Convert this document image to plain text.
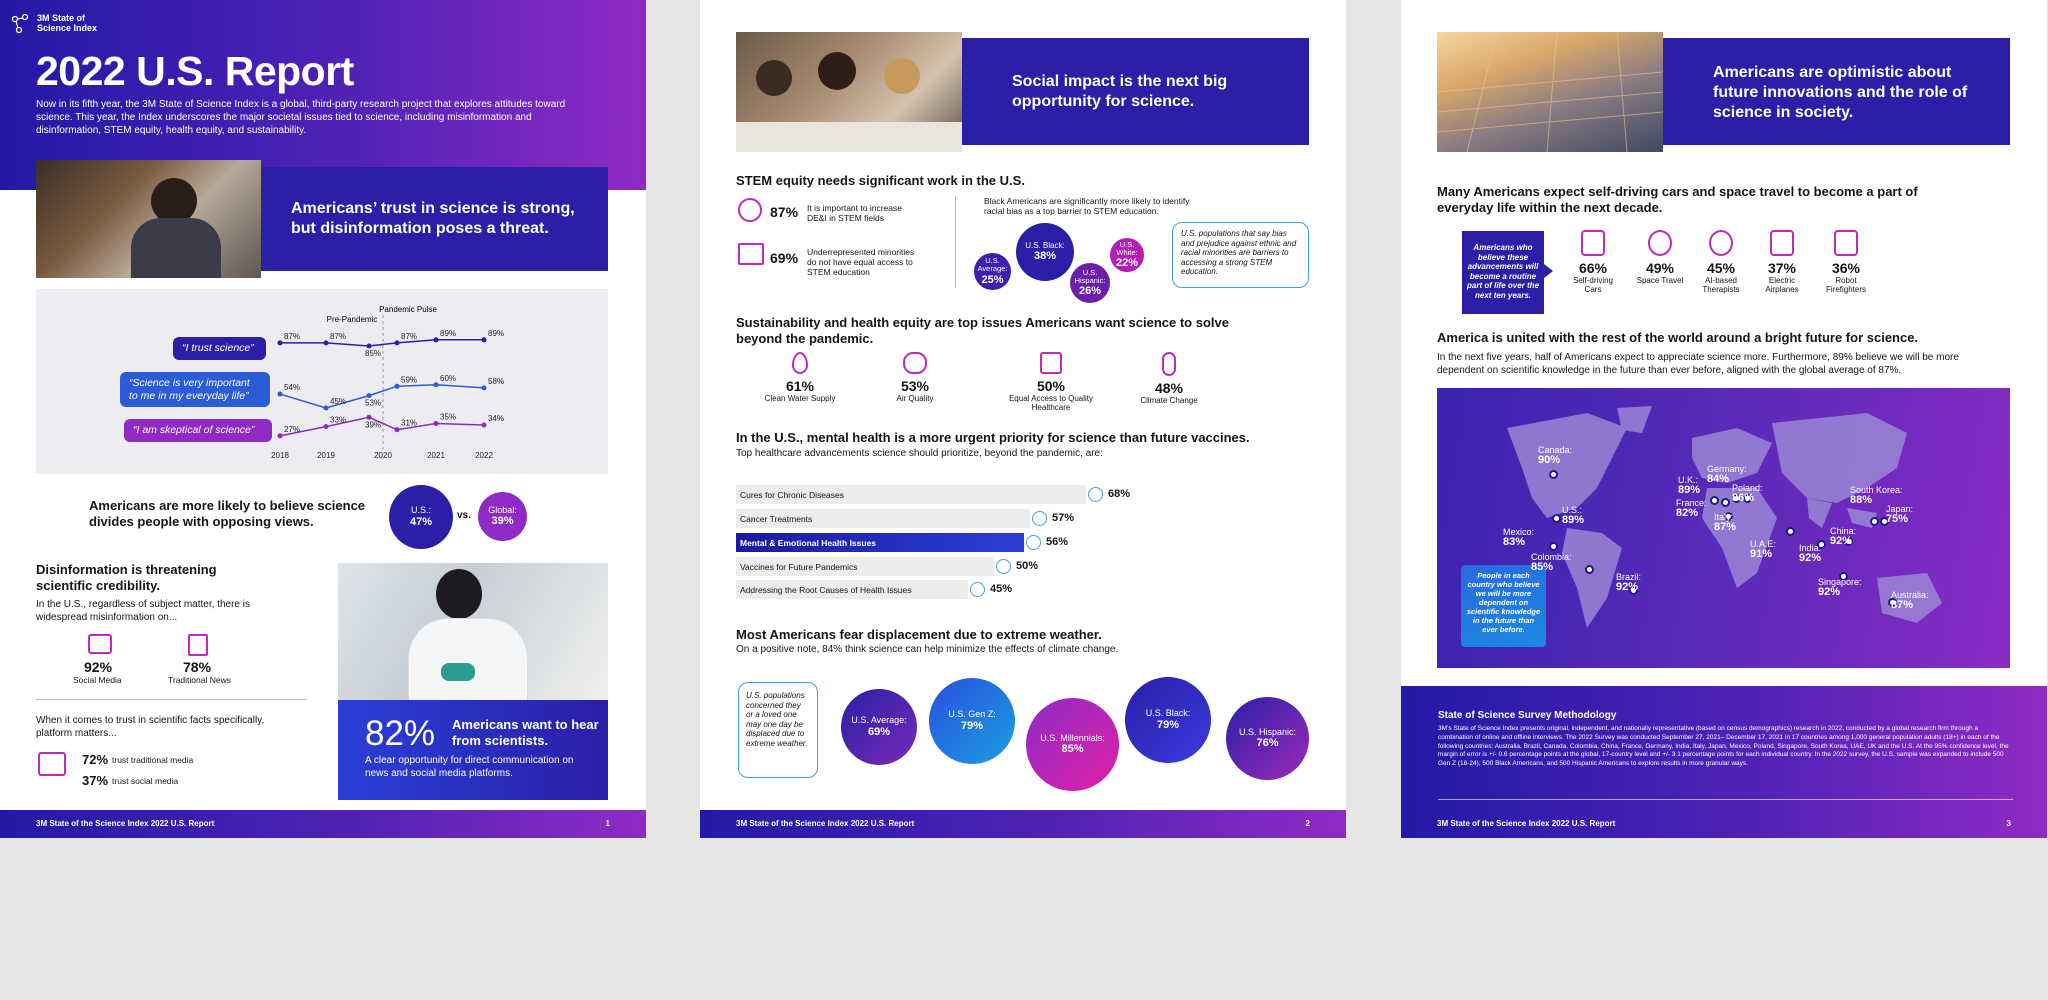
3M State of Science Index
2022 U.S. Report
Now in its fifth year, the 3M State of Science Index is a global, third-party research project that explores attitudes toward science. This year, the Index underscores the major societal issues tied to science, including misinformation and disinformation, STEM equity, health equity, and sustainability.
Americans’ trust in science is strong, but disinformation poses a threat.
2018	2019	2020	2021	2022
Pre-Pandemic
Pandemic Pulse
87%	87%
85%
87%	89%	89%
54%
45% 53%
59%	60%	58%
27%
33%
39% 31%
35%	34%
Americans are more likely to believe science divides people with opposing views.
U.S.:
47%
vs.
Global:
39%
Disinformation is threatening scientific credibility.
In the U.S., regardless of subject matter, there is widespread misinformation on...
92%
Social Media
78%
Traditional News
When it comes to trust in scientific facts specifically, platform matters...
72% trust traditional media
37% trust social media
82% Americans want to hear from scientists.
A clear opportunity for direct communication on news and social media platforms.
3M State of the Science Index 2022 U.S. Report	1
“I trust science”
“Science is very important to me in my everyday life”
“I am skeptical of science”
Social impact is the next big opportunity for science.
STEM equity needs significant work in the U.S.
87% It is important to increase DE&I in STEM fields
69% Underrepresented minorities do not have equal access to STEM education
Black Americans are significantly more likely to identify racial bias as a top barrier to STEM education.
U.S. Average:
25%
U.S. Black:
38%
U.S. Hispanic:
26%
U.S. White:
22%
U.S. populations that say bias and prejudice against ethnic and racial minorities are barriers to accessing a strong STEM education.
Sustainability and health equity are top issues Americans want science to solve beyond the pandemic.
61%
Clean Water Supply
53%
Air Quality
50%
Equal Access to Quality Healthcare
48%
Climate Change
In the U.S., mental health is a more urgent priority for science than future vaccines.
Top healthcare advancements science should prioritize, beyond the pandemic, are:
Most Americans fear displacement due to extreme weather.
On a positive note, 84% think science can help minimize the effects of climate change.
U.S. populations concerned they or a loved one may one day be displaced due to extreme weather.
U.S. Average:
69%
U.S. Gen Z:
79%
U.S. Millennials:
85%
U.S. Black:
79%
U.S. Hispanic:
76%
3M State of the Science Index 2022 U.S. Report	2
Cures for Chronic Diseases	68%
Cancer Treatments	57%
Mental & Emotional Health Issues	56%
Vaccines for Future Pandemics	50%
Addressing the Root Causes of Health Issues	45%
Americans are optimistic about future innovations and the role of science in society.
Many Americans expect self-driving cars and space travel to become a part of everyday life within the next decade.
Americans who believe these advancements will become a routine part of life over the next ten years.
America is united with the rest of the world around a bright future for science.
In the next five years, half of Americans expect to appreciate science more. Furthermore, 89% believe we will be more dependent on scientific knowledge in the future than ever before, aligned with the global average of 87%.
People in each country who believe we will be more dependent on scientific knowledge in the future than ever before.
State of Science Survey Methodology
3M’s State of Science Index presents original, independent, and nationally representative (based on census demographics) research in 2022, conducted by a global research firm through a combination of online and offline interviews. The 2022 Survey was conducted September 27, 2021– December 17, 2021 in 17 countries among 1,000 general population adults (18+) in each of the following countries: Australia, Brazil, Canada, Colombia, China, France, Germany, India, Italy, Japan, Mexico, Poland, Singapore, South Korea, UAE, UK and the U.S. At the 95% confidence level, the margin of error is +/- 0.6 percentage points at the global, 17-country level and +/- 3.1 percentage points for each individual country. In the 2022 survey, the U.S. sample was expanded to include 500 Gen Z (16-24), 500 Black Americans, and 500 Hispanic Americans to explore results in more granular ways.
3M State of the Science Index 2022 U.S. Report	3
66%
Self-driving Cars
49%
Space Travel
45%
AI-based Therapists
37%
Electric Airplanes
36%
Robot Firefighters
Canada:
90%
U.S.:
89%
Mexico:
83%
Colombia:
85%
Brazil:
92%
U.K.:
89%
France:
82%
Germany:
84%
Poland:
86%
Italy:
87%
U.A.E:
91%
India:
92%
China:
92%
South Korea:
88%
Japan:
75%
Singapore:
92%	Australia:
87%
